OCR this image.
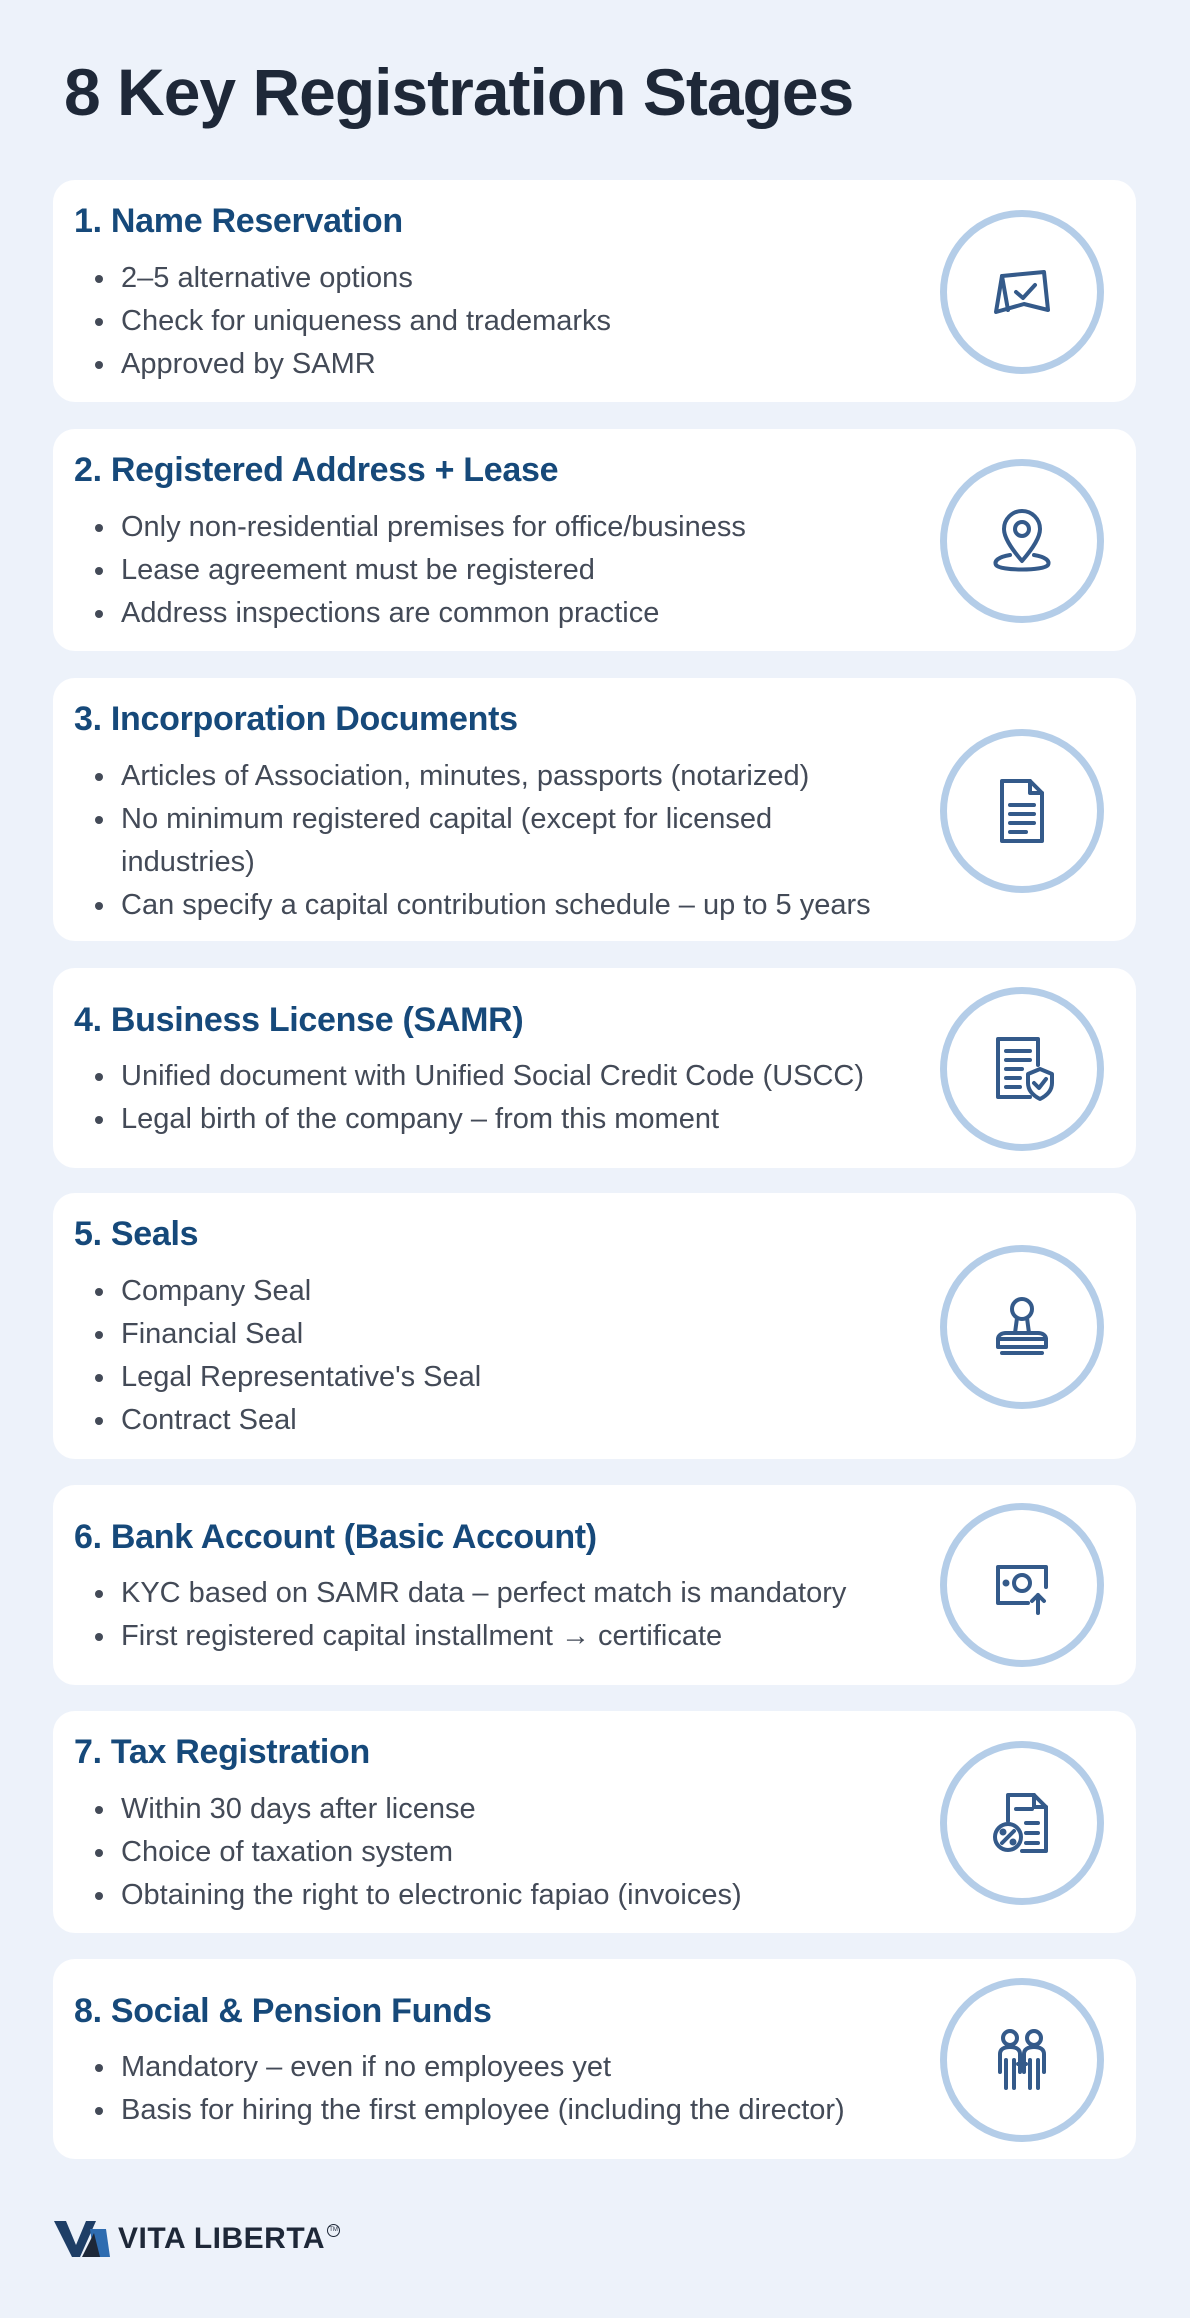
8 Key Registration Stages
1. Name Reservation
2–5 alternative options
Check for uniqueness and trademarks
Approved by SAMR
2. Registered Address + Lease
Only non-residential premises for office/business
Lease agreement must be registered
Address inspections are common practice
3. Incorporation Documents
Articles of Association, minutes, passports (notarized)
No minimum registered capital (except for licensed industries)
Can specify a capital contribution schedule – up to 5 years
4. Business License (SAMR)
Unified document with Unified Social Credit Code (USCC)
Legal birth of the company – from this moment
5. Seals
Company Seal
Financial Seal
Legal Representative's Seal
Contract Seal
6. Bank Account (Basic Account)
KYC based on SAMR data – perfect match is mandatory
First registered capital installment → certificate
7. Tax Registration
Within 30 days after license
Choice of taxation system
Obtaining the right to electronic fapiao (invoices)
8. Social & Pension Funds
Mandatory – even if no employees yet
Basis for hiring the first employee (including the director)
VITA LIBERTA TM
